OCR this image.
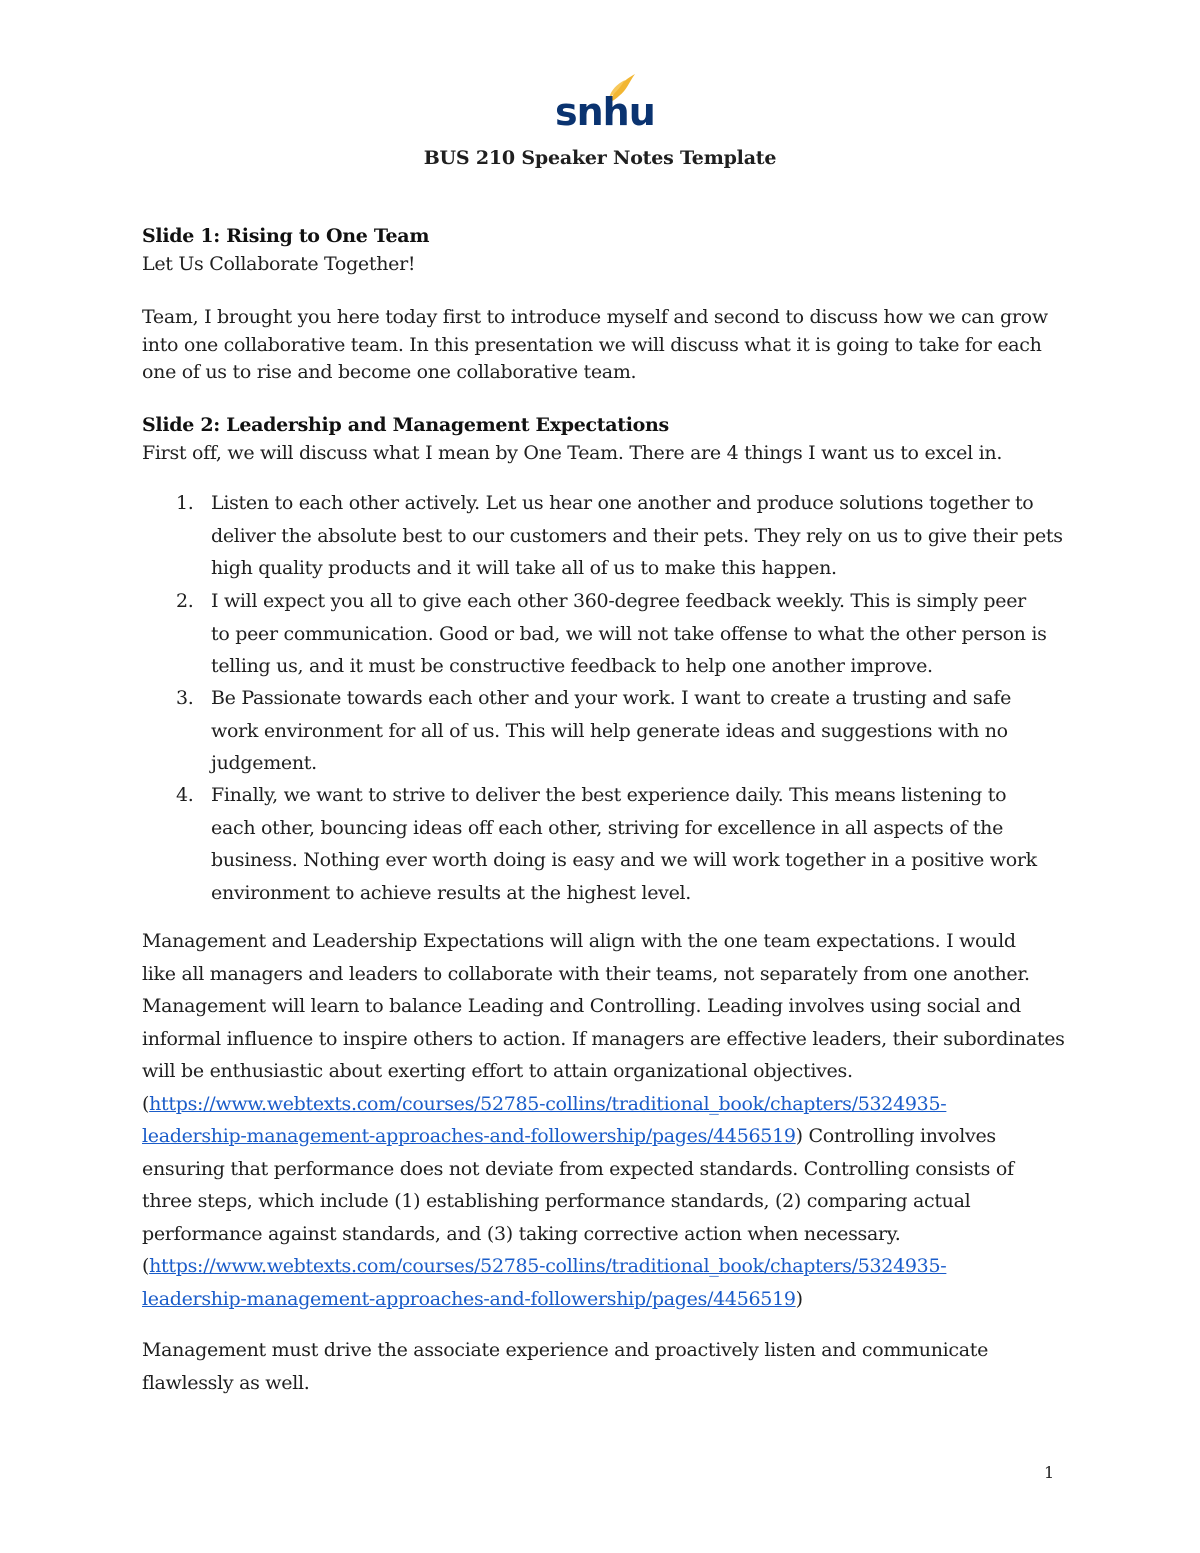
snhu
BUS 210 Speaker Notes Template
Slide 1: Rising to One Team
Let Us Collaborate Together!
Team, I brought you here today first to introduce myself and second to discuss how we can grow
into one collaborative team. In this presentation we will discuss what it is going to take for each
one of us to rise and become one collaborative team.
Slide 2: Leadership and Management Expectations
First off, we will discuss what I mean by One Team. There are 4 things I want us to excel in.
1. Listen to each other actively. Let us hear one another and produce solutions together to
deliver the absolute best to our customers and their pets. They rely on us to give their pets
high quality products and it will take all of us to make this happen.
2. I will expect you all to give each other 360-degree feedback weekly. This is simply peer
to peer communication. Good or bad, we will not take offense to what the other person is
telling us, and it must be constructive feedback to help one another improve.
3. Be Passionate towards each other and your work. I want to create a trusting and safe
work environment for all of us. This will help generate ideas and suggestions with no
judgement.
4. Finally, we want to strive to deliver the best experience daily. This means listening to
each other, bouncing ideas off each other, striving for excellence in all aspects of the
business. Nothing ever worth doing is easy and we will work together in a positive work
environment to achieve results at the highest level.
Management and Leadership Expectations will align with the one team expectations. I would
like all managers and leaders to collaborate with their teams, not separately from one another.
Management will learn to balance Leading and Controlling. Leading involves using social and
informal influence to inspire others to action. If managers are effective leaders, their subordinates
will be enthusiastic about exerting effort to attain organizational objectives.
(https://www.webtexts.com/courses/52785-collins/traditional_book/chapters/5324935-
leadership-management-approaches-and-followership/pages/4456519) Controlling involves
ensuring that performance does not deviate from expected standards. Controlling consists of
three steps, which include (1) establishing performance standards, (2) comparing actual
performance against standards, and (3) taking corrective action when necessary.
(https://www.webtexts.com/courses/52785-collins/traditional_book/chapters/5324935-
leadership-management-approaches-and-followership/pages/4456519)
Management must drive the associate experience and proactively listen and communicate
flawlessly as well.
1
